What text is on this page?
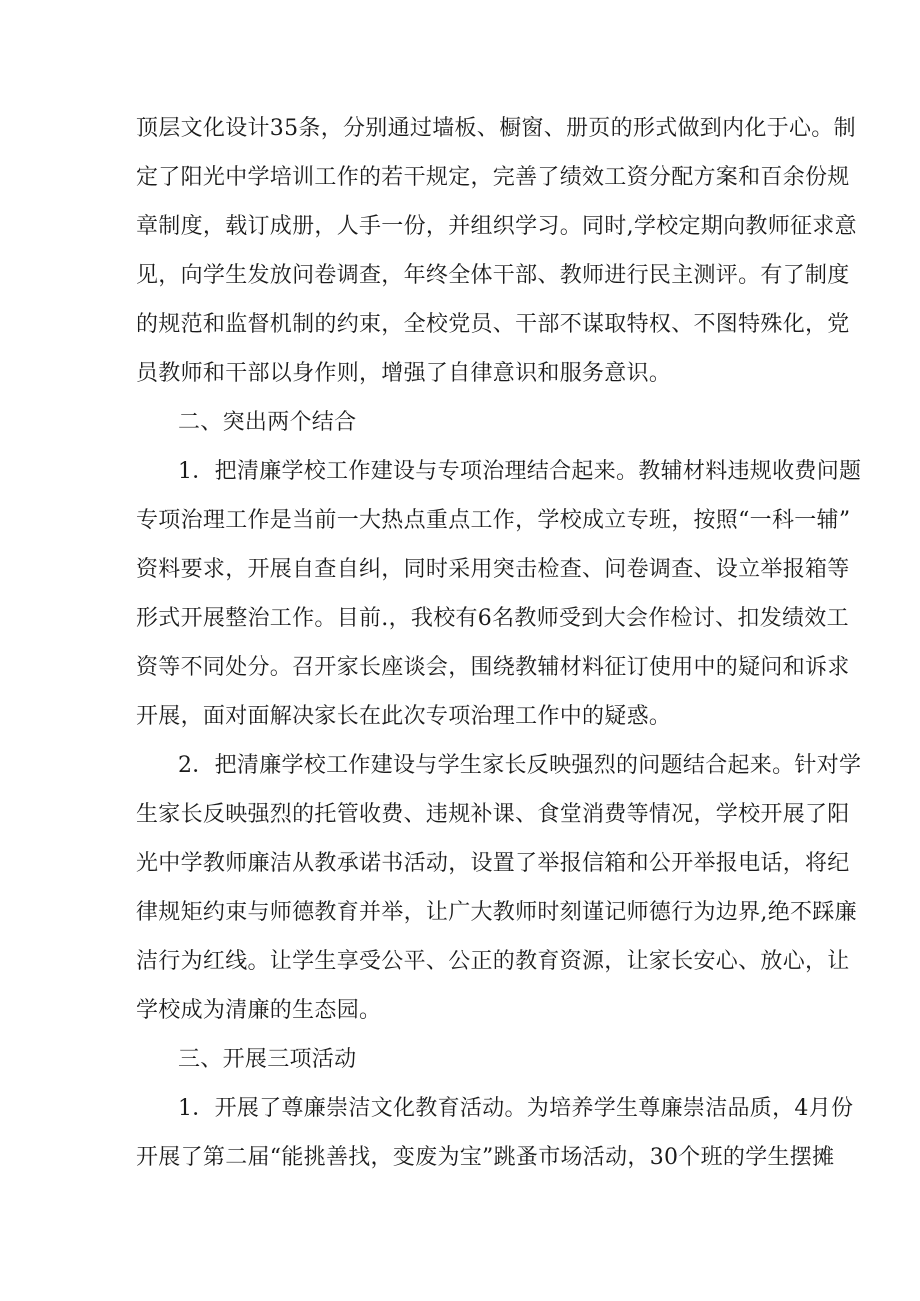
顶层文化设计35条，分别通过墙板、橱窗、册页的形式做到内化于心。制
定了阳光中学培训工作的若干规定，完善了绩效工资分配方案和百余份规
章制度，载订成册，人手一份，并组织学习。同时,学校定期向教师征求意
见，向学生发放问卷调查，年终全体干部、教师进行民主测评。有了制度
的规范和监督机制的约束，全校党员、干部不谋取特权、不图特殊化，党
员教师和干部以身作则，增强了自律意识和服务意识。
二、突出两个结合
1．把清廉学校工作建设与专项治理结合起来。教辅材料违规收费问题
专项治理工作是当前一大热点重点工作，学校成立专班，按照“一科一辅”
资料要求，开展自查自纠，同时采用突击检查、问卷调查、设立举报箱等
形式开展整治工作。目前.，我校有6名教师受到大会作检讨、扣发绩效工
资等不同处分。召开家长座谈会，围绕教辅材料征订使用中的疑问和诉求
开展，面对面解决家长在此次专项治理工作中的疑惑。
2．把清廉学校工作建设与学生家长反映强烈的问题结合起来。针对学
生家长反映强烈的托管收费、违规补课、食堂消费等情况，学校开展了阳
光中学教师廉洁从教承诺书活动，设置了举报信箱和公开举报电话，将纪
律规矩约束与师德教育并举，让广大教师时刻谨记师德行为边界,绝不踩廉
洁行为红线。让学生享受公平、公正的教育资源，让家长安心、放心，让
学校成为清廉的生态园。
三、开展三项活动
1．开展了尊廉崇洁文化教育活动。为培养学生尊廉崇洁品质，4月份
开展了第二届“能挑善找，变废为宝”跳蚤市场活动，30个班的学生摆摊
